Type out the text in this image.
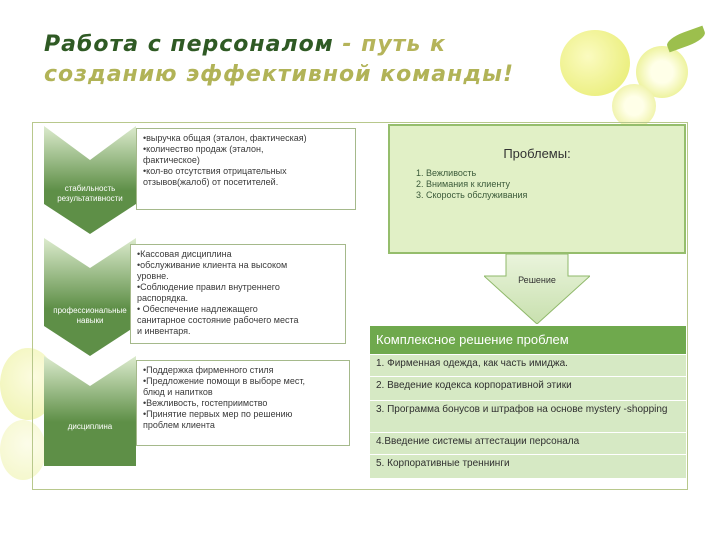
Работа с персоналом - путь к
созданию эффективной команды!
стабильность результативности
профессиональные навыки
дисциплина
•выручка общая (эталон, фактическая)
•количество продаж (эталон,
фактическое)
•кол-во отсутствия отрицательных
отзывов(жалоб) от посетителей.
•Кассовая дисциплина
•обслуживание клиента на высоком
уровне.
•Соблюдение правил внутреннего
распорядка.
• Обеспечение надлежащего
санитарное состояние рабочего места
и инвентаря.
•Поддержка фирменного стиля
•Предложение помощи в выборе мест,
блюд и напитков
•Вежливость, гостеприимство
•Принятие первых мер по решению
проблем клиента
Проблемы:
1. Вежливость
2. Внимания к клиенту
3. Скорость обслуживания
Решение
Комплексное решение проблем
1. Фирменная одежда, как часть имиджа.
2. Введение кодекса корпоративной этики
3. Программа бонусов и штрафов на основе mystery -shopping
4.Введение системы аттестации персонала
5. Корпоративные треннинги
